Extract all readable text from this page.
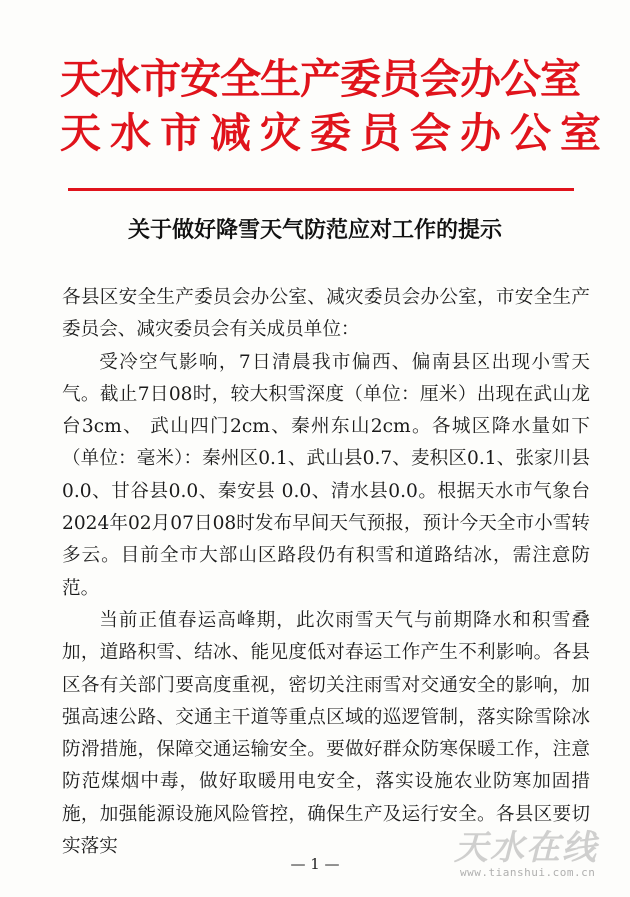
天水市安全生产委员会办公室
天水市减灾委员会办公室
关于做好降雪天气防范应对工作的提示

各县区安全生产委员会办公室、减灾委员会办公室，市安全生产委员会、减灾委员会有关成员单位：

受冷空气影响，7日清晨我市偏西、偏南县区出现小雪天气。截止7日08时，较大积雪深度（单位：厘米）出现在武山龙台3cm、 武山四门2cm、秦州东山2cm。各城区降水量如下（单位：毫米）：秦州区0.1、武山县0.7、麦积区0.1、张家川县0.0、甘谷县0.0、秦安县 0.0、清水县0.0。根据天水市气象台2024年02月07日08时发布早间天气预报，预计今天全市小雪转多云。目前全市大部山区路段仍有积雪和道路结冰，需注意防范。

当前正值春运高峰期，此次雨雪天气与前期降水和积雪叠加，道路积雪、结冰、能见度低对春运工作产生不利影响。各县区各有关部门要高度重视，密切关注雨雪对交通安全的影响，加强高速公路、交通主干道等重点区域的巡逻管制，落实除雪除冰防滑措施，保障交通运输安全。要做好群众防寒保暖工作，注意防范煤烟中毒，做好取暖用电安全，落实设施农业防寒加固措施，加强能源设施风险管控，确保生产及运行安全。各县区要切实落实

— 1 —	天水在线
www.tianshui.com.cn
